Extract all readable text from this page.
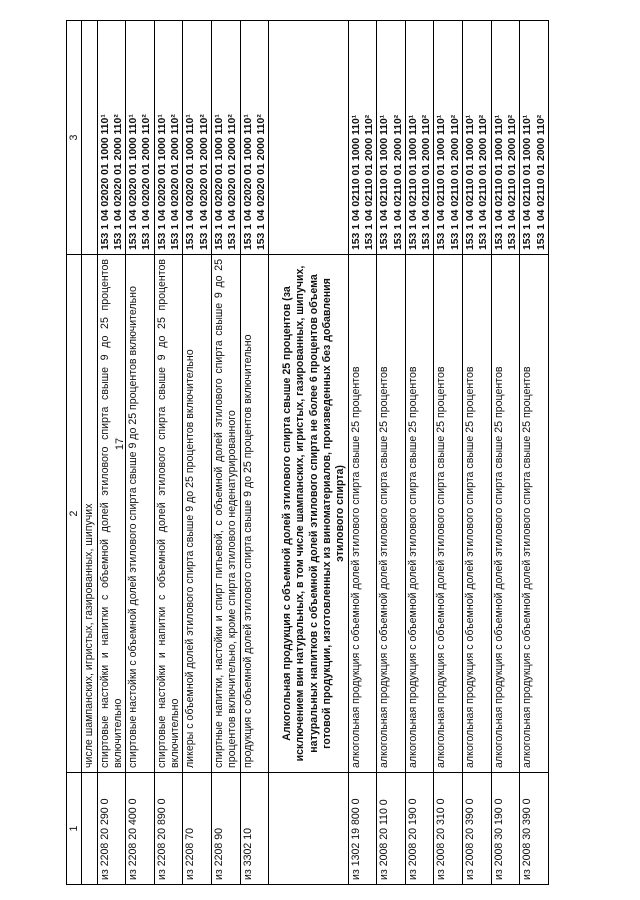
17
1	2	3
	числе шампанских, игристых, газированных, шипучих	
из 2208 20 290 0	спиртовые настойки и напитки с объемной долей этилового спирта свыше 9 до 25 процентов включительно	153 1 04 02020 01 1000 110¹ 153 1 04 02020 01 2000 110²

из 2208 20 400 0	спиртовые настойки с объемной долей этилового спирта свыше 9 до 25 процентов включительно	153 1 04 02020 01 1000 110¹ 153 1 04 02020 01 2000 110²

из 2208 20 890 0	спиртовые настойки и напитки с объемной долей этилового спирта свыше 9 до 25 процентов включительно	153 1 04 02020 01 1000 110¹ 153 1 04 02020 01 2000 110²

из 2208 70	ликеры с объемной долей этилового спирта свыше 9 до 25 процентов включительно	153 1 04 02020 01 1000 110¹ 153 1 04 02020 01 2000 110²

из 2208 90	спиртные напитки, настойки и спирт питьевой, с объемной долей этилового спирта свыше 9 до 25 процентов включительно, кроме спирта этилового неденатурированного	153 1 04 02020 01 1000 110¹ 153 1 04 02020 01 2000 110²

из 3302 10	продукция с объемной долей этилового спирта свыше 9 до 25 процентов включительно	153 1 04 02020 01 1000 110¹ 153 1 04 02020 01 2000 110²

	Алкогольная продукция с объемной долей этилового спирта свыше 25 процентов (за исключением вин натуральных, в том числе шампанских, игристых, газированных, шипучих, натуральных напитков с объемной долей этилового спирта не более 6 процентов объема готовой продукции, изготовленных из виноматериалов, произведенных без добавления этилового спирта)	
из 1302 19 800 0	алкогольная продукция с объемной долей этилового спирта свыше 25 процентов	153 1 04 02110 01 1000 110¹ 153 1 04 02110 01 2000 110²

из 2008 20 110 0	алкогольная продукция с объемной долей этилового спирта свыше 25 процентов	153 1 04 02110 01 1000 110¹ 153 1 04 02110 01 2000 110²

из 2008 20 190 0	алкогольная продукция с объемной долей этилового спирта свыше 25 процентов	153 1 04 02110 01 1000 110¹ 153 1 04 02110 01 2000 110²

из 2008 20 310 0	алкогольная продукция с объемной долей этилового спирта свыше 25 процентов	153 1 04 02110 01 1000 110¹ 153 1 04 02110 01 2000 110²

из 2008 20 390 0	алкогольная продукция с объемной долей этилового спирта свыше 25 процентов	153 1 04 02110 01 1000 110¹ 153 1 04 02110 01 2000 110²

из 2008 30 190 0	алкогольная продукция с объемной долей этилового спирта свыше 25 процентов	153 1 04 02110 01 1000 110¹ 153 1 04 02110 01 2000 110²

из 2008 30 390 0	алкогольная продукция с объемной долей этилового спирта свыше 25 процентов	153 1 04 02110 01 1000 110¹ 153 1 04 02110 01 2000 110²
